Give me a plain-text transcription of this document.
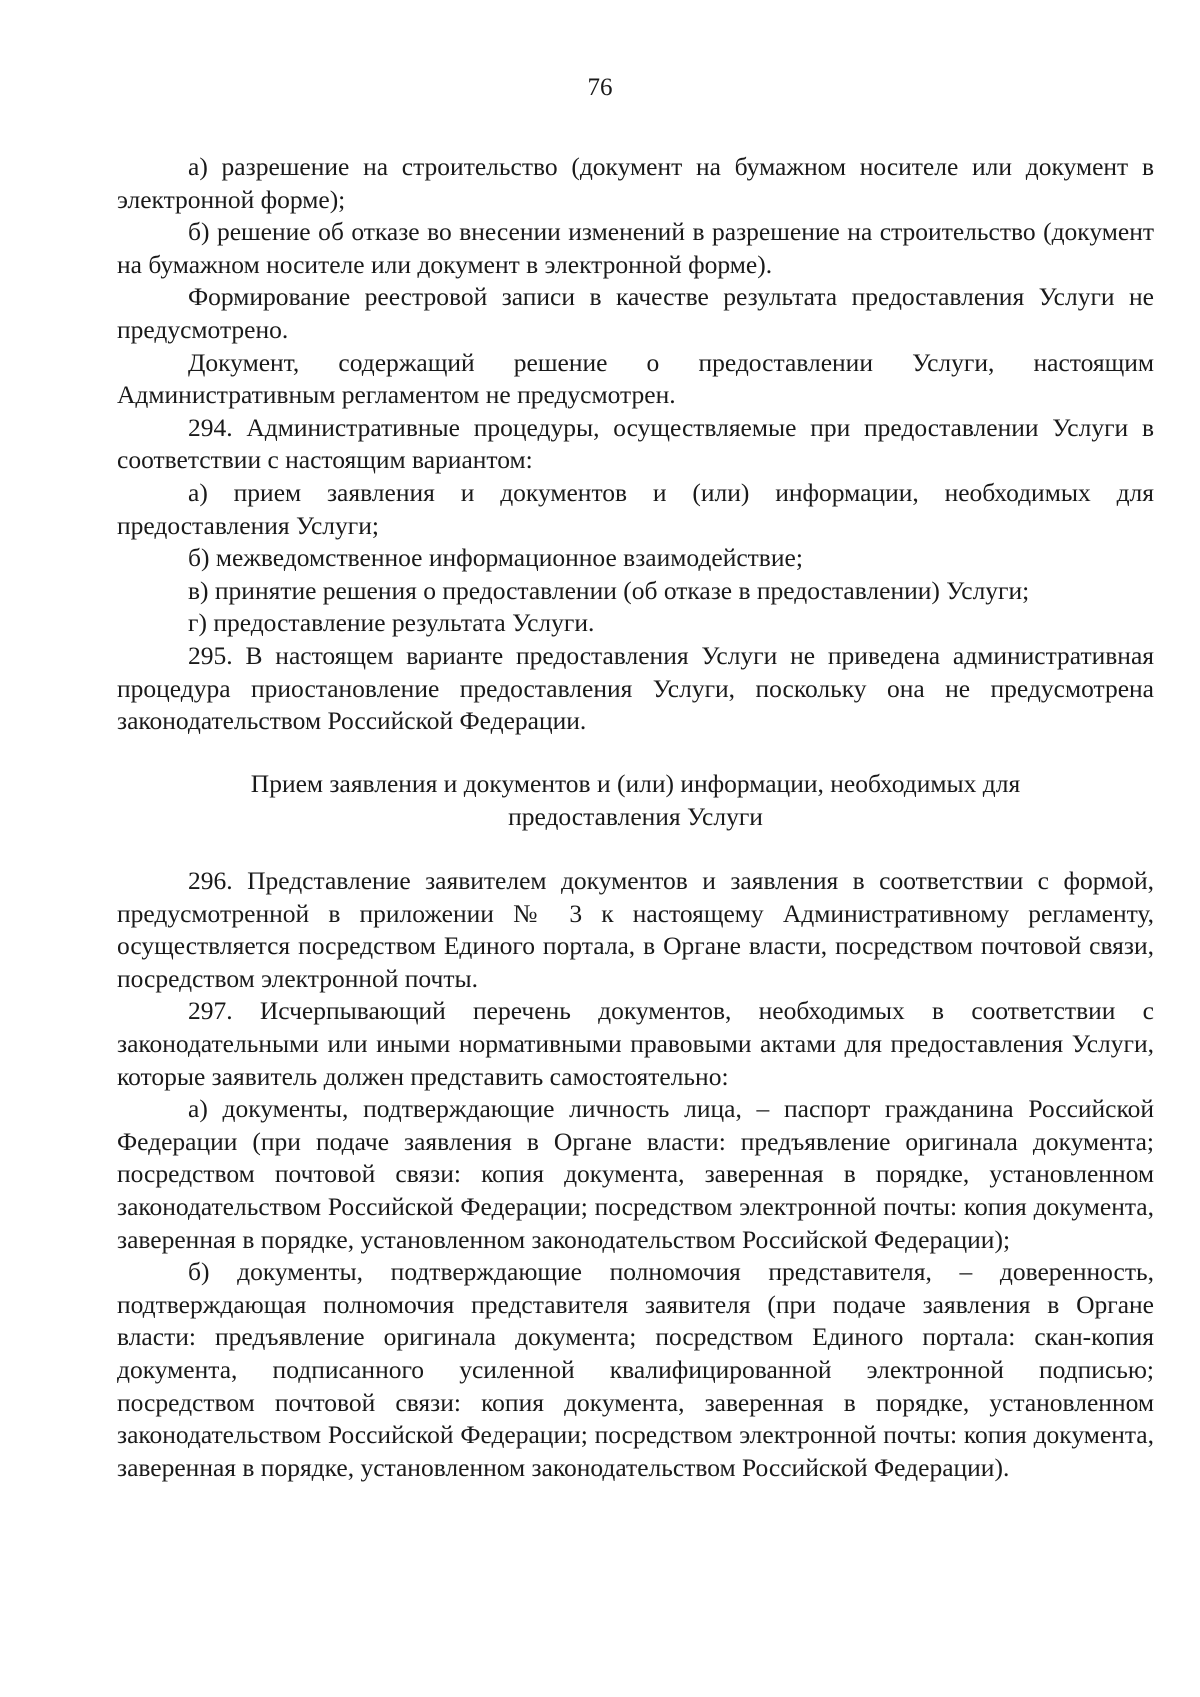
76

а) разрешение на строительство (документ на бумажном носителе или документ в электронной форме);

б) решение об отказе во внесении изменений в разрешение на строительство (документ на бумажном носителе или документ в электронной форме).

Формирование реестровой записи в качестве результата предоставления Услуги не предусмотрено.

Документ, содержащий решение о предоставлении Услуги, настоящим Административным регламентом не предусмотрен.

294. Административные процедуры, осуществляемые при предоставлении Услуги в соответствии с настоящим вариантом:

а) прием заявления и документов и (или) информации, необходимых для предоставления Услуги;

б) межведомственное информационное взаимодействие;

в) принятие решения о предоставлении (об отказе в предоставлении) Услуги;

г) предоставление результата Услуги.

295. В настоящем варианте предоставления Услуги не приведена административная процедура приостановление предоставления Услуги, поскольку она не предусмотрена законодательством Российской Федерации.

Прием заявления и документов и (или) информации, необходимых для

предоставления Услуги

296. Представление заявителем документов и заявления в соответствии с формой, предусмотренной в приложении № 3 к настоящему Административному регламенту, осуществляется посредством Единого портала, в Органе власти, посредством почтовой связи, посредством электронной почты.

297. Исчерпывающий перечень документов, необходимых в соответствии с законодательными или иными нормативными правовыми актами для предоставления Услуги, которые заявитель должен представить самостоятельно:

а) документы, подтверждающие личность лица, – паспорт гражданина Российской Федерации (при подаче заявления в Органе власти: предъявление оригинала документа; посредством почтовой связи: копия документа, заверенная в порядке, установленном законодательством Российской Федерации; посредством электронной почты: копия документа, заверенная в порядке, установленном законодательством Российской Федерации);

б) документы, подтверждающие полномочия представителя, – доверенность, подтверждающая полномочия представителя заявителя (при подаче заявления в Органе власти: предъявление оригинала документа; посредством Единого портала: скан-копия документа, подписанного усиленной квалифицированной электронной подписью; посредством почтовой связи: копия документа, заверенная в порядке, установленном законодательством Российской Федерации; посредством электронной почты: копия документа, заверенная в порядке, установленном законодательством Российской Федерации).
